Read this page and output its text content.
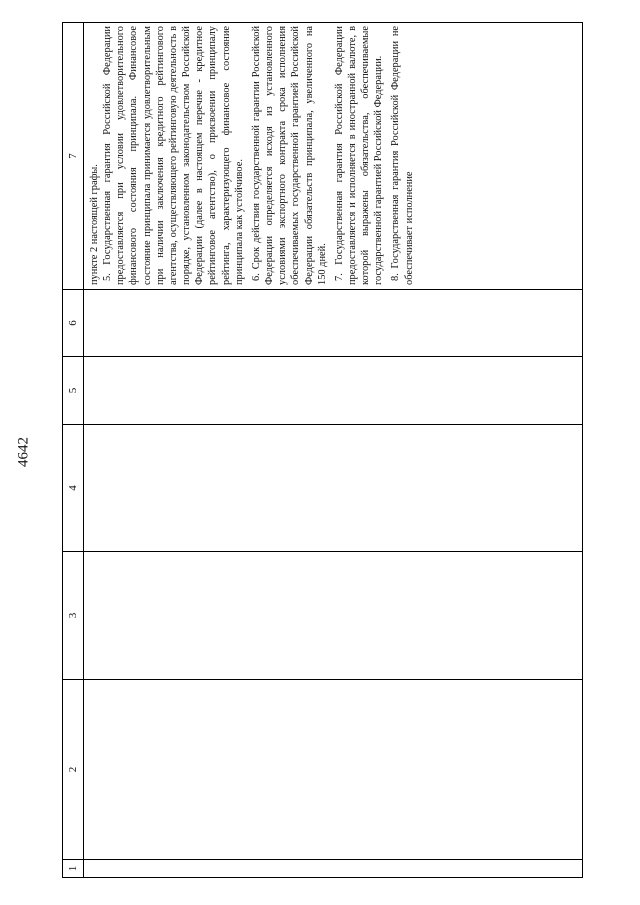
4642
1	2	3	4	5	6	7

						пункте 2 настоящей графы. 5. Государственная гарантия Российской Федерации предоставляется при условии удовлетворительного финансового состояния принципала. Финансовое состояние принципала принимается удовлетворительным при наличии заключения кредитного рейтингового агентства, осуществляющего рейтинговую деятельность в порядке, установленном законодательством Российской Федерации (далее в настоящем перечне - кредитное рейтинговое агентство), о присвоении принципалу рейтинга, характеризующего финансовое состояние принципала как устойчивое. 6. Срок действия государственной гарантии Российской Федерации определяется исходя из установленного условиями экспортного контракта срока исполнения обеспечиваемых государственной гарантией Российской Федерации обязательств принципала, увеличенного на 150 дней. 7. Государственная гарантия Российской Федерации предоставляется и исполняется в иностранной валюте, в которой выражены обязательства, обеспечиваемые государственной гарантией Российской Федерации. 8. Государственная гарантия Российской Федерации не обеспечивает исполнение
